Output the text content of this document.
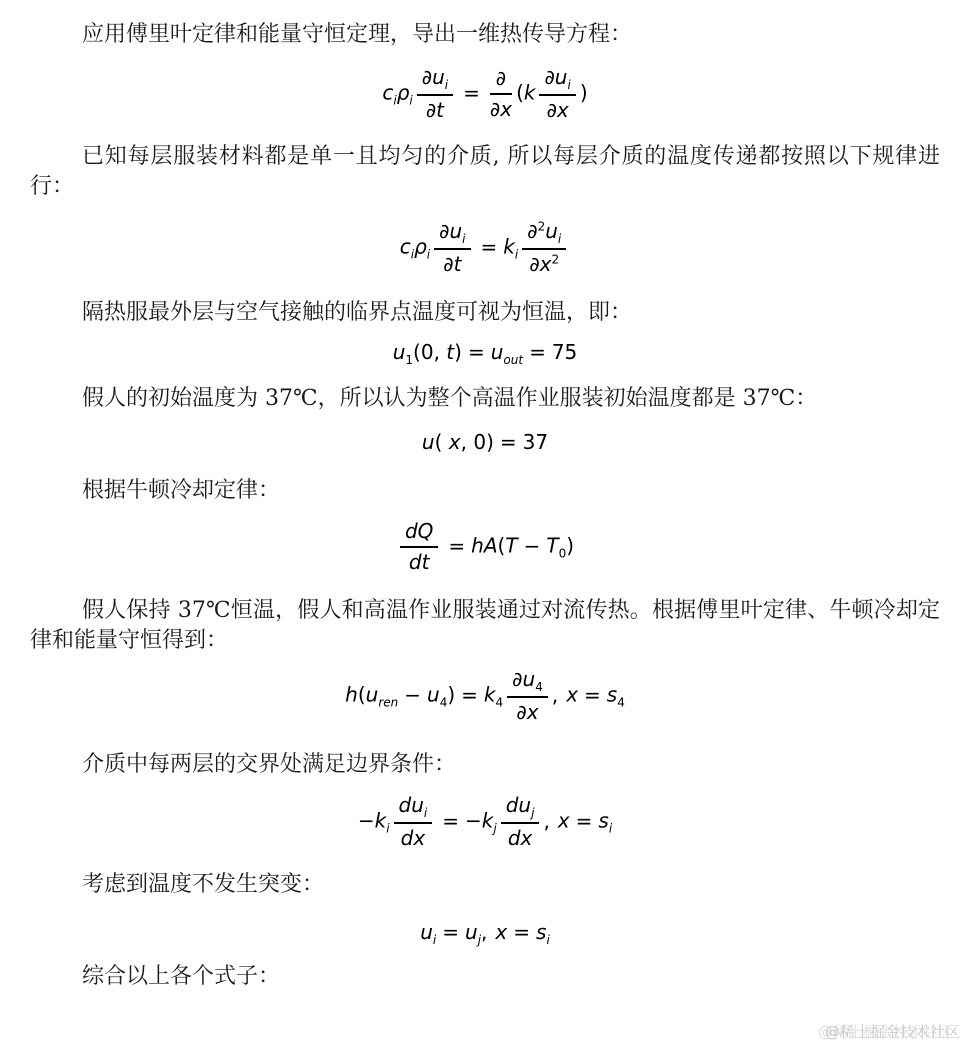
应用傅里叶定律和能量守恒定理，导出一维热传导方程：

$c_i\rho_i \frac{\partial u_i}{\partial t} = \frac{\partial}{\partial x} (k \frac{\partial u_i}{\partial x}$ )

已知每层服装材料都是单一且均匀的介质, 所以每层介质的温度传递都按照以下规律进行：

$c_i\rho_i \frac{\partial u_i}{\partial t} = k_i \frac{\partial^2u_i}{\partial x^2}$

隔热服最外层与空气接触的临界点温度可视为恒温，即：

$u_1(0$, $t) = u_{out} = 75$

假人的初始温度为 37℃，所以认为整个高温作业服装初始温度都是 37℃：

u( x, 0) = 37

根据牛顿冷却定律：

$\frac{dQ}{dt} = hA(T - T_0)$

假人保持 37℃恒温，假人和高温作业服装通过对流传热。根据傅里叶定律、牛顿冷却定律和能量守恒得到：

$h(u_{ren} - u_4) = k_4 \frac{\partial u_4}{\partial x}$ , $x = s_4$

介质中每两层的交界处满足边界条件：

$-k_i \frac{du_i}{dx} = -k_j \frac{du_j}{dx}$ , $x = s_i$

考虑到温度不发生突变：

$u_i = u_j$, $x = s_i$

综合以上各个式子：

@稀土掘金技术社区
